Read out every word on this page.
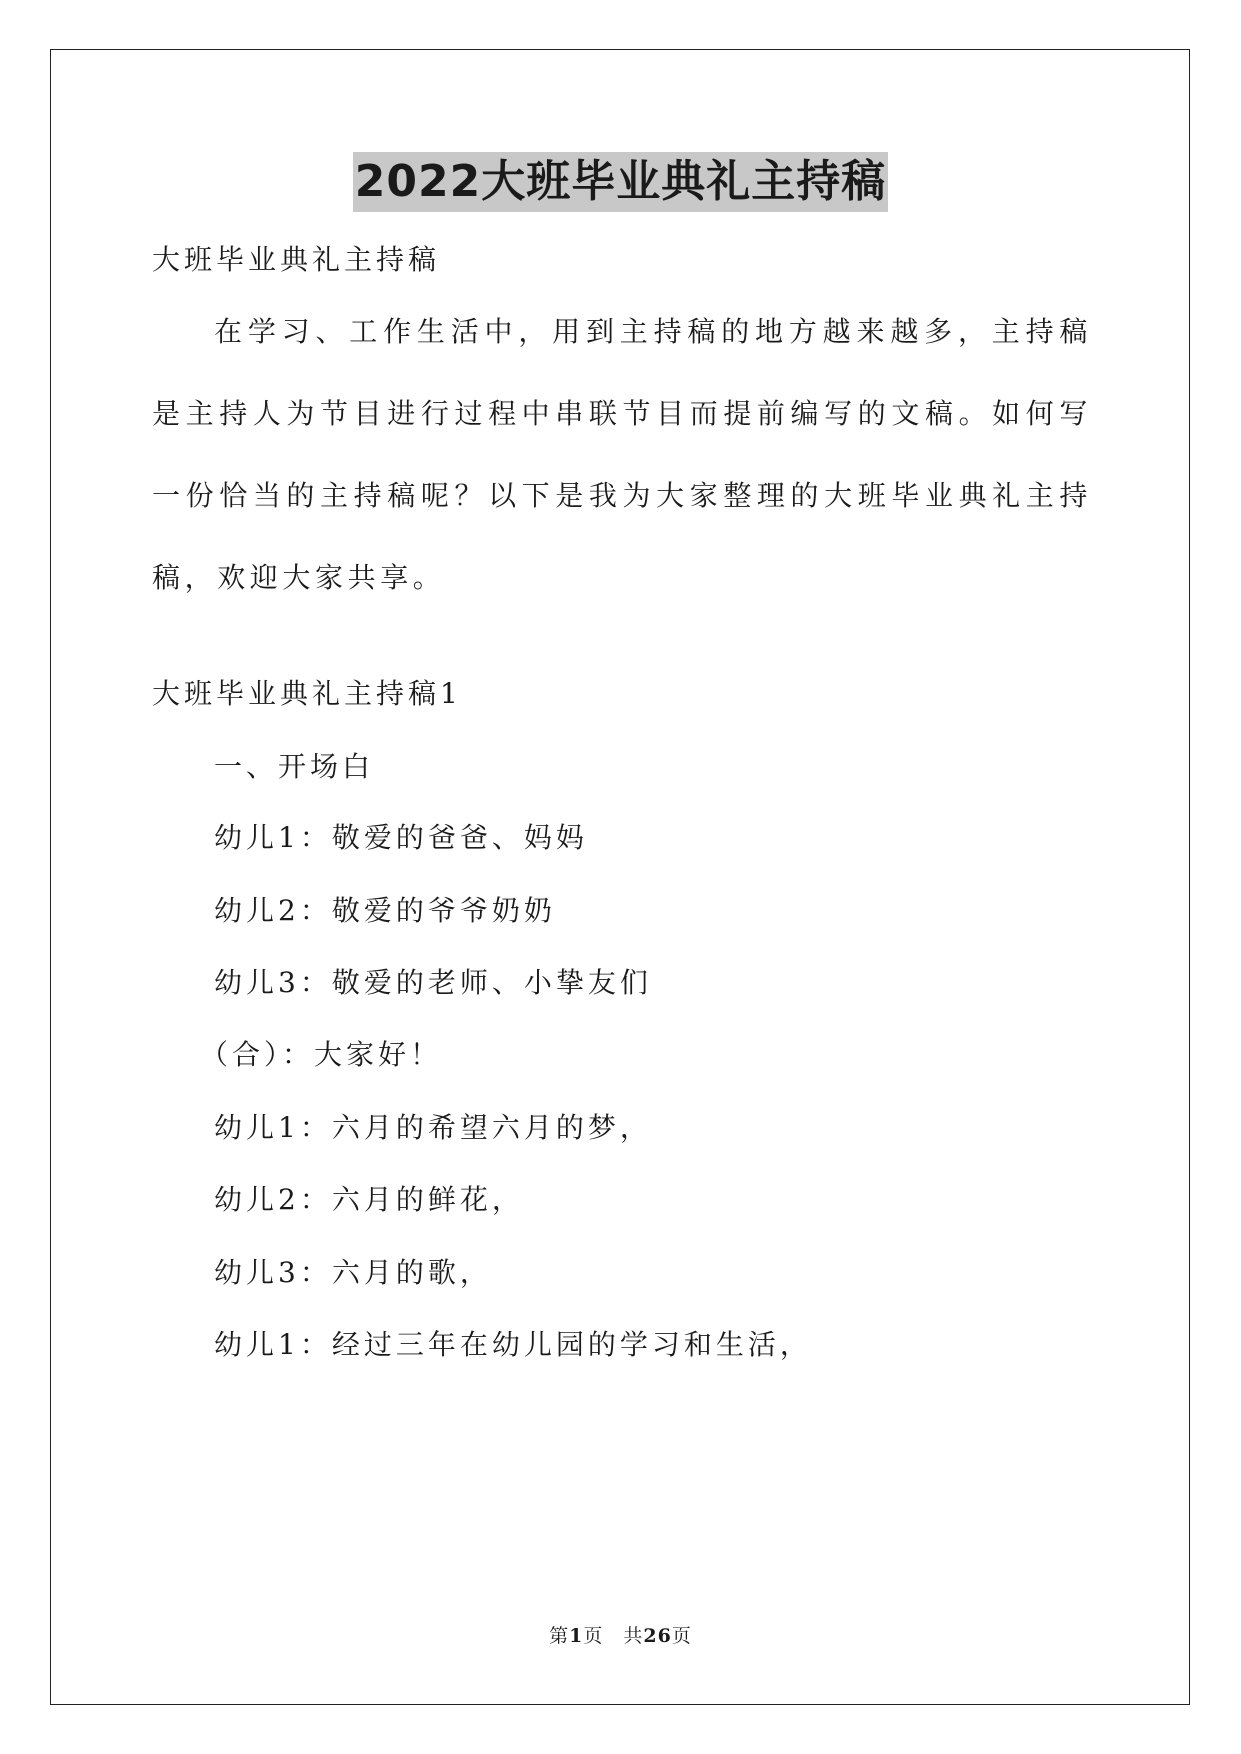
2022大班毕业典礼主持稿
大班毕业典礼主持稿
在学习、工作生活中，用到主持稿的地方越来越多，主持稿是主持人为节目进行过程中串联节目而提前编写的文稿。如何写一份恰当的主持稿呢？以下是我为大家整理的大班毕业典礼主持稿，欢迎大家共享。
大班毕业典礼主持稿1
一、开场白
幼儿1：敬爱的爸爸、妈妈
幼儿2：敬爱的爷爷奶奶
幼儿3：敬爱的老师、小挚友们
（合）：大家好！
幼儿1：六月的希望六月的梦，
幼儿2：六月的鲜花，
幼儿3：六月的歌，
幼儿1：经过三年在幼儿园的学习和生活，
第1页　共26页
